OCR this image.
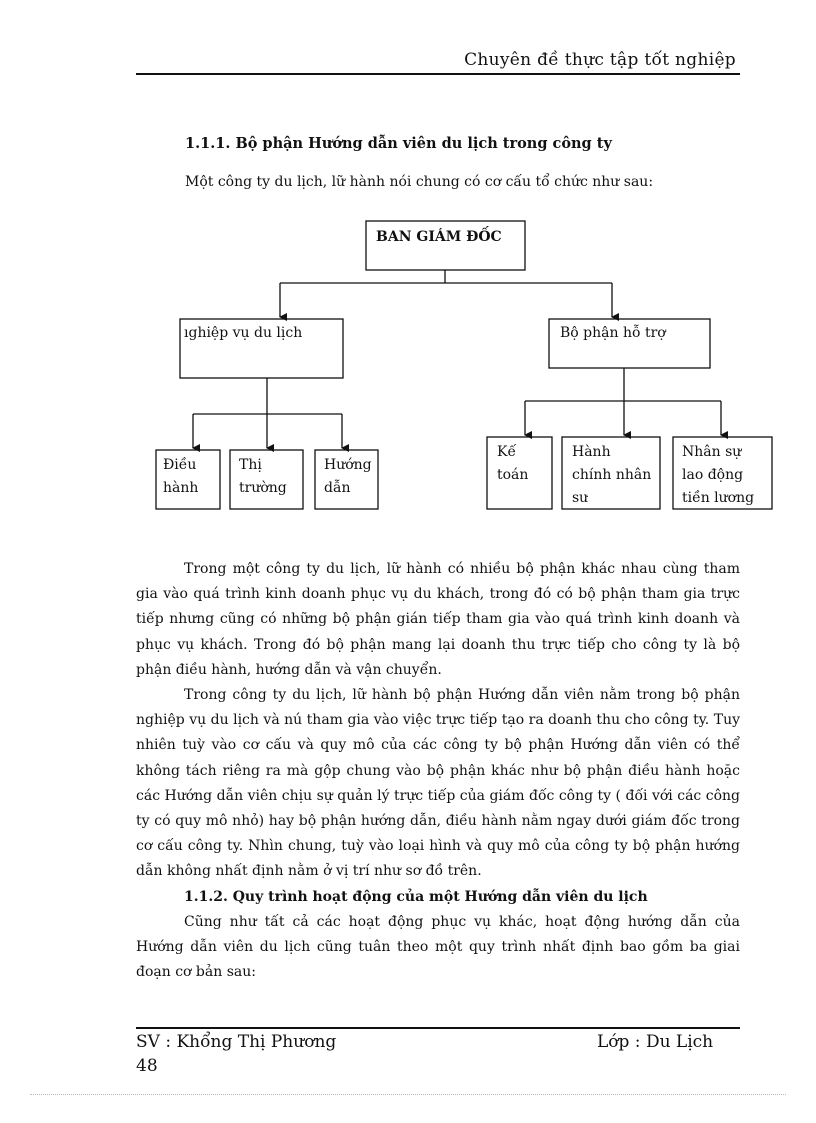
Chuyên đề thực tập tốt nghiệp
1.1.1. Bộ phận Hướng dẫn viên du lịch trong công ty
Một công ty du lịch, lữ hành nói chung có cơ cấu tổ chức như sau:
BAN GIÁM ĐỐC
ıghiệp vụ du lịch	Bộ phận hỗ trợ
Điều
hành
Thị
trường
Hướng
dẫn
Kế
toán
Hành
chính nhân
sư
Nhân sự
lao động
tiền lương

Trong một công ty du lịch, lữ hành có nhiều bộ phận khác nhau cùng tham gia vào quá trình kinh doanh phục vụ du khách, trong đó có bộ phận tham gia trực tiếp nhưng cũng có những bộ phận gián tiếp tham gia vào quá trình kinh doanh và phục vụ khách. Trong đó bộ phận mang lại doanh thu trực tiếp cho công ty là bộ phận điều hành, hướng dẫn và vận chuyển.

Trong công ty du lịch, lữ hành bộ phận Hướng dẫn viên nằm trong bộ phận nghiệp vụ du lịch và nú tham gia vào việc trực tiếp tạo ra doanh thu cho công ty. Tuy nhiên tuỳ vào cơ cấu và quy mô của các công ty bộ phận Hướng dẫn viên có thể không tách riêng ra mà gộp chung vào bộ phận khác như bộ phận điều hành hoặc các Hướng dẫn viên chịu sự quản lý trực tiếp của giám đốc công ty ( đối với các công ty có quy mô nhỏ) hay bộ phận hướng dẫn, điều hành nằm ngay dưới giám đốc trong cơ cấu công ty. Nhìn chung, tuỳ vào loại hình và quy mô của công ty bộ phận hướng dẫn không nhất định nằm ở vị trí như sơ đồ trên.

1.1.2. Quy trình hoạt động của một Hướng dẫn viên du lịch

Cũng như tất cả các hoạt động phục vụ khác, hoạt động hướng dẫn của Hướng dẫn viên du lịch cũng tuân theo một quy trình nhất định bao gồm ba giai đoạn cơ bản sau:

SV : Khổng Thị Phương	Lớp : Du Lịch
48
